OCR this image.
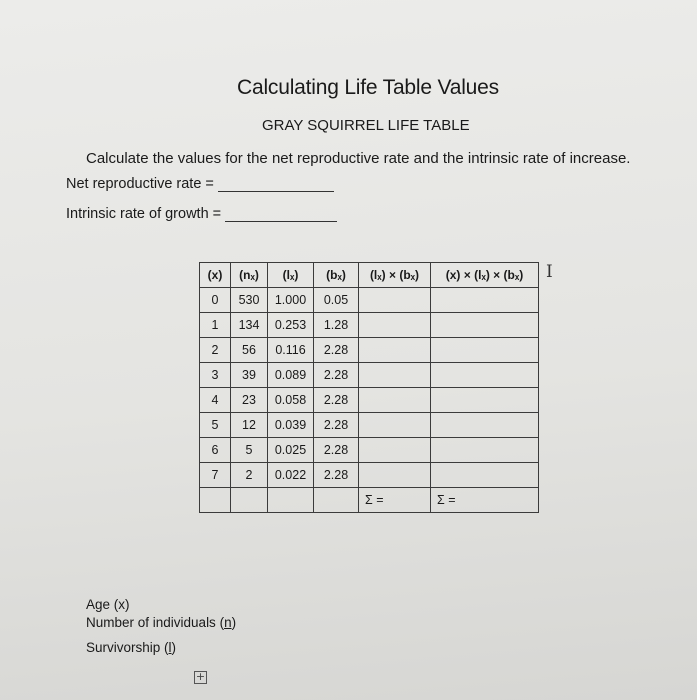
Calculating Life Table Values
GRAY SQUIRREL LIFE TABLE
Calculate the values for the net reproductive rate and the intrinsic rate of increase.
Net reproductive rate =
Intrinsic rate of growth =
(x)	(nₓ)	(lₓ)	(bₓ)	(lₓ) × (bₓ)	(x) × (lₓ) × (bₓ)
0	530	1.000	0.05		
1	134	0.253	1.28		
2	56	0.116	2.28		
3	39	0.089	2.28		
4	23	0.058	2.28		
5	12	0.039	2.28		
6	5	0.025	2.28		
7	2	0.022	2.28		
				Σ =	Σ =
I
Age (x)
Number of individuals (n)
Survivorship (l)
+
